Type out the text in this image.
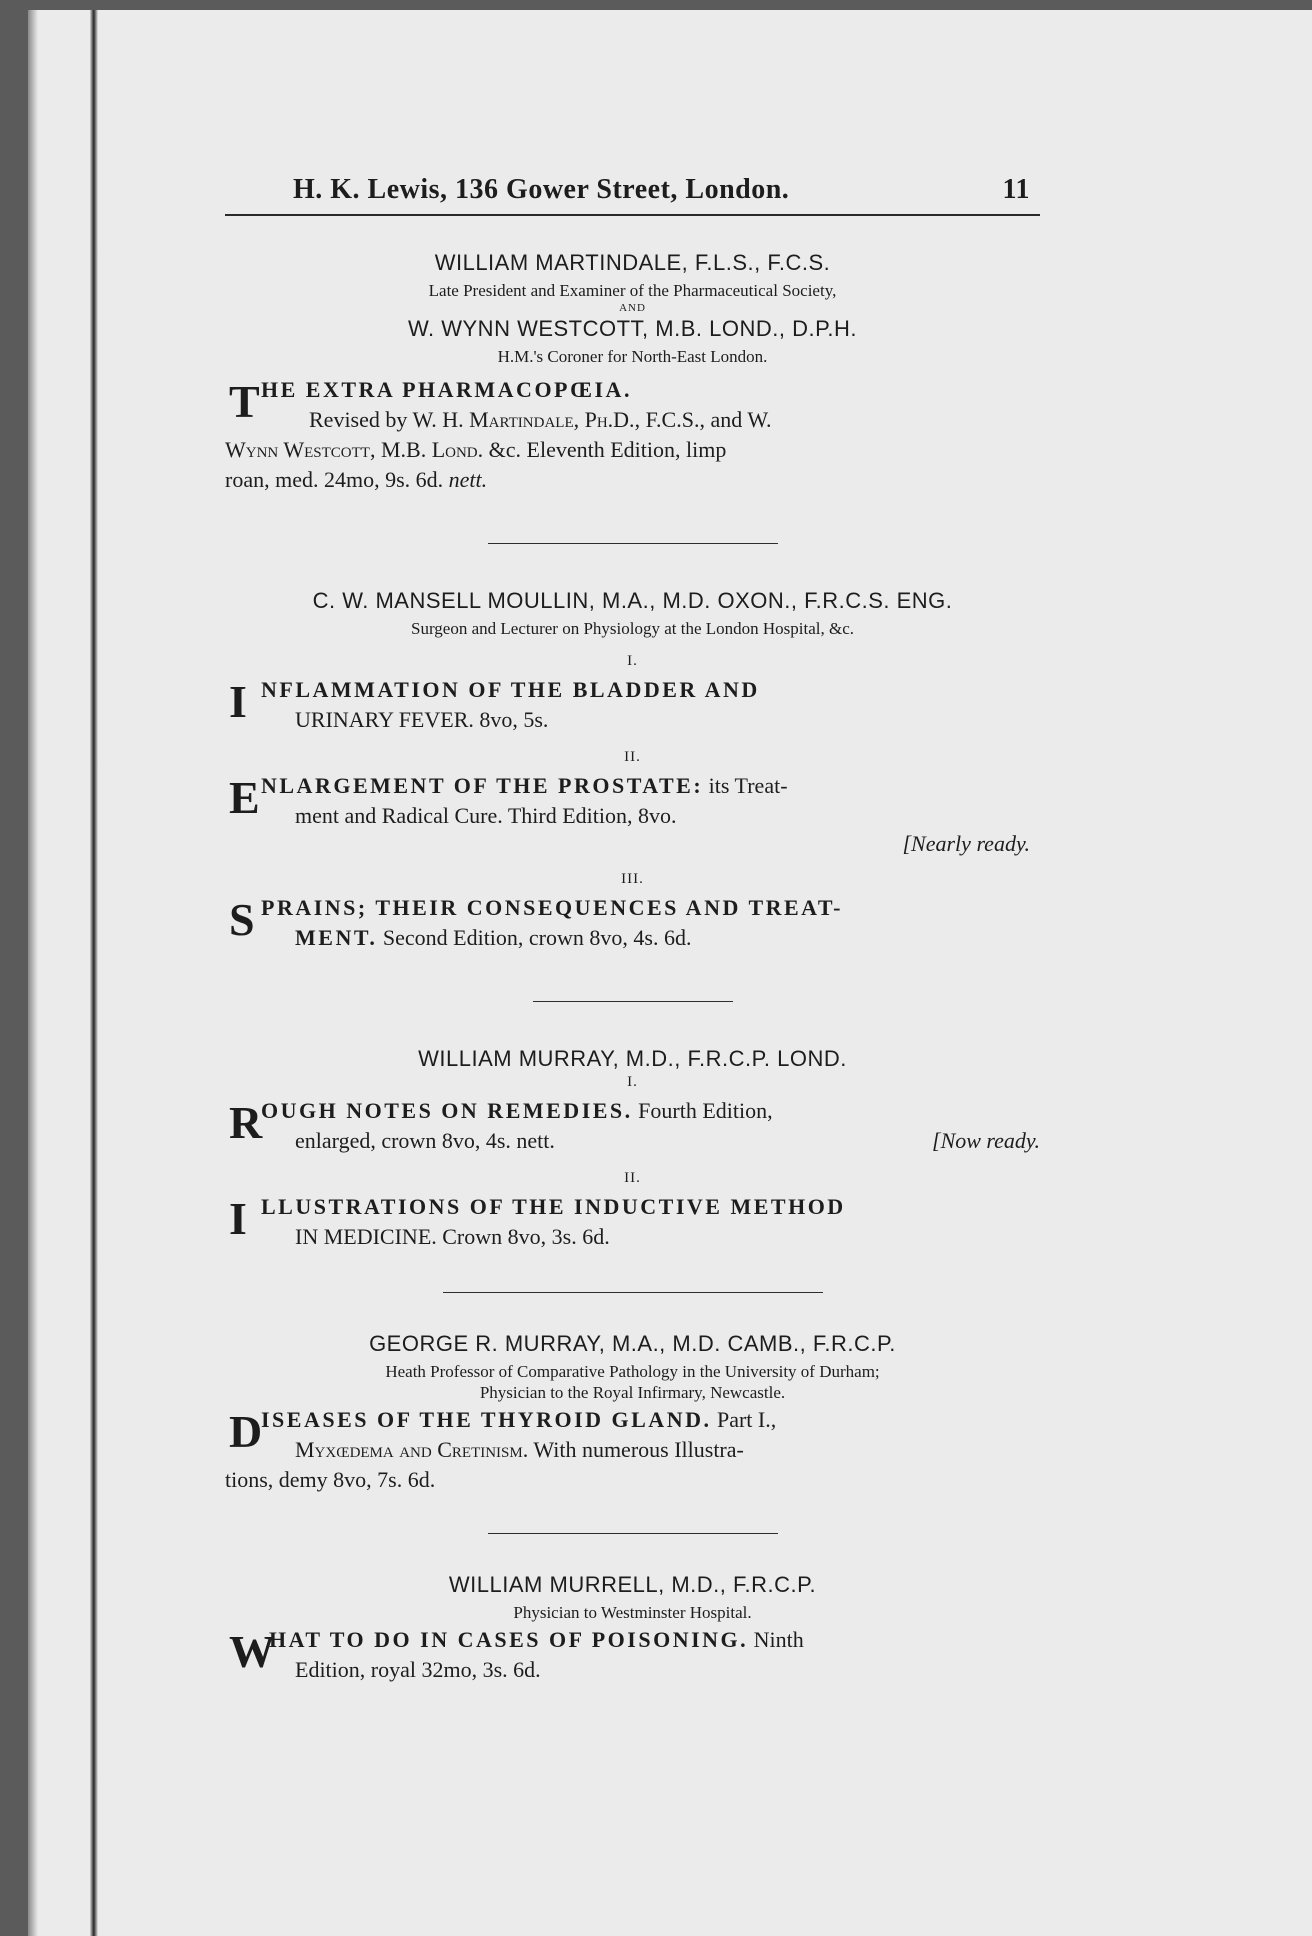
H. K. Lewis, 136 Gower Street, London.	11
WILLIAM MARTINDALE, F.L.S., F.C.S.
Late President and Examiner of the Pharmaceutical Society,
AND
W. WYNN WESTCOTT, M.B. LOND., D.P.H.
H.M.'s Coroner for North-East London.
T HE EXTRA PHARMACOPŒIA.
Revised by W. H. Martindale, Ph.D., F.C.S., and W.
Wynn Westcott, M.B. Lond. &c. Eleventh Edition, limp
roan, med. 24mo, 9s. 6d. nett.
C. W. MANSELL MOULLIN, M.A., M.D. OXON., F.R.C.S. ENG.
Surgeon and Lecturer on Physiology at the London Hospital, &c.
I.
I NFLAMMATION OF THE BLADDER AND
URINARY FEVER. 8vo, 5s.
II.
E NLARGEMENT OF THE PROSTATE: its Treat-
ment and Radical Cure. Third Edition, 8vo.
[Nearly ready.
III.
S PRAINS; THEIR CONSEQUENCES AND TREAT-
MENT. Second Edition, crown 8vo, 4s. 6d.
WILLIAM MURRAY, M.D., F.R.C.P. LOND.
I.
R
OUGH NOTES ON REMEDIES. Fourth Edition,
enlarged, crown 8vo, 4s. nett.	[Now ready.
II.
I LLUSTRATIONS OF THE INDUCTIVE METHOD
IN MEDICINE. Crown 8vo, 3s. 6d.
GEORGE R. MURRAY, M.A., M.D. CAMB., F.R.C.P.
Heath Professor of Comparative Pathology in the University of Durham;
Physician to the Royal Infirmary, Newcastle.
D
ISEASES OF THE THYROID GLAND. Part I.,
Myxœdema and Cretinism. With numerous Illustra-
tions, demy 8vo, 7s. 6d.
WILLIAM MURRELL, M.D., F.R.C.P.
Physician to Westminster Hospital.
W
HAT TO DO IN CASES OF POISONING. Ninth
Edition, royal 32mo, 3s. 6d.
